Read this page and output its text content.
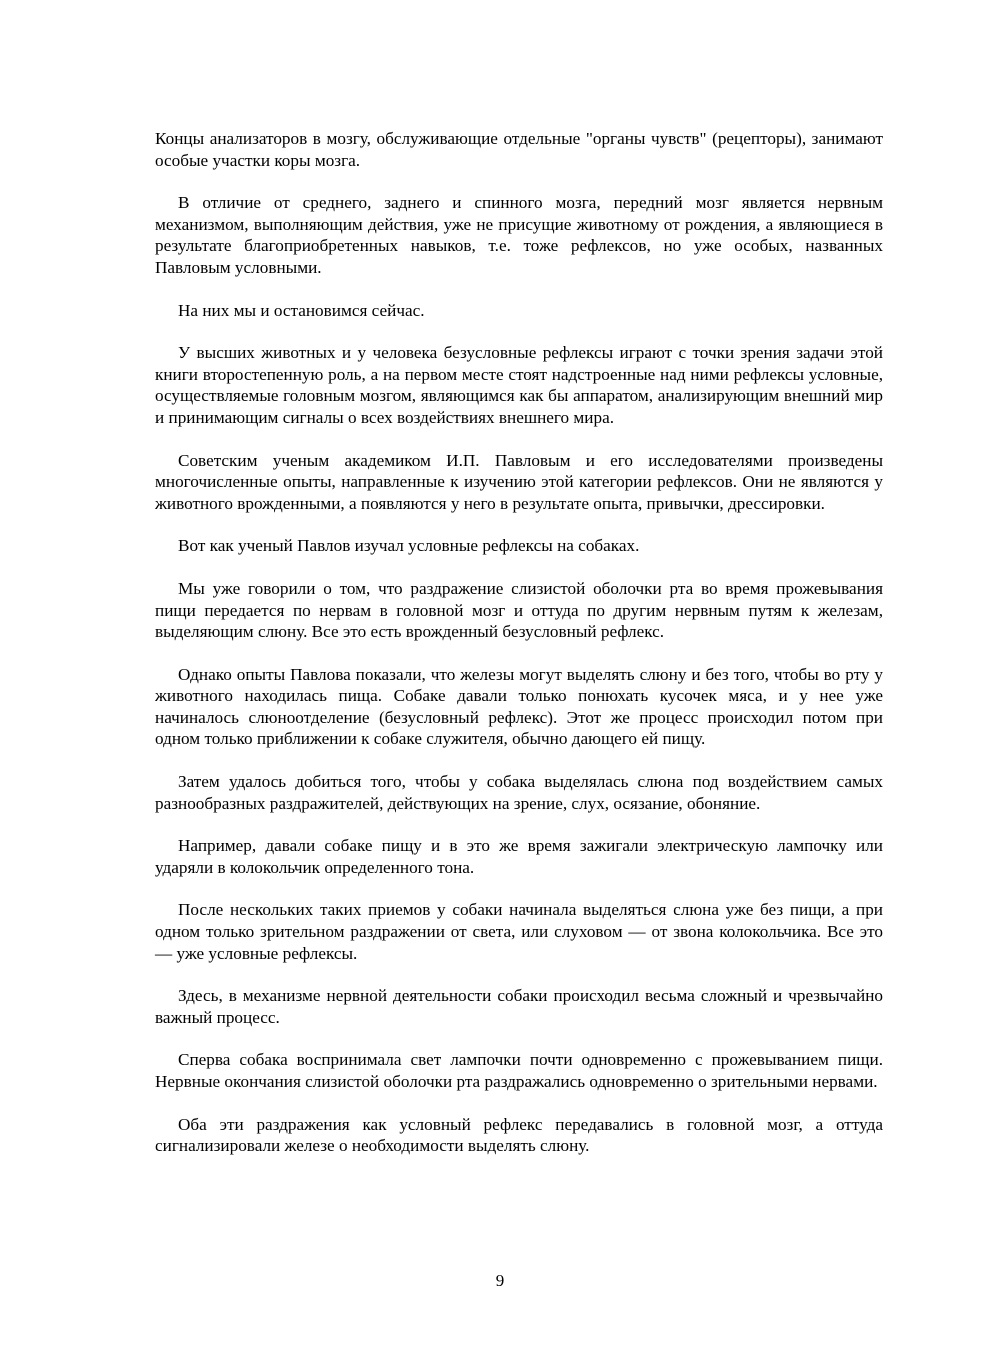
Концы анализаторов в мозгу, обслуживающие отдельные "органы чувств" (рецепторы), занимают особые участки коры мозга.

В отличие от среднего, заднего и спинного мозга, передний мозг является нервным механизмом, выполняющим действия, уже не присущие животному от рождения, а являющиеся в результате благоприобретенных навыков, т.е. тоже рефлексов, но уже особых, названных Павловым условными.

На них мы и остановимся сейчас.

У высших животных и у человека безусловные рефлексы играют с точки зрения задачи этой книги второстепенную роль, а на первом месте стоят надстроенные над ними рефлексы условные, осуществляемые головным мозгом, являющимся как бы аппаратом, анализирующим внешний мир и принимающим сигналы о всех воздействиях внешнего мира.

Советским ученым академиком И.П. Павловым и его исследователями произведены многочисленные опыты, направленные к изучению этой категории рефлексов. Они не являются у животного врожденными, а появляются у него в результате опыта, привычки, дрессировки.

Вот как ученый Павлов изучал условные рефлексы на собаках.

Мы уже говорили о том, что раздражение слизистой оболочки рта во время прожевывания пищи передается по нервам в головной мозг и оттуда по другим нервным путям к железам, выделяющим слюну. Все это есть врожденный безусловный рефлекс.

Однако опыты Павлова показали, что железы могут выделять слюну и без того, чтобы во рту у животного находилась пища. Собаке давали только понюхать кусочек мяса, и у нее уже начиналось слюноотделение (безусловный рефлекс). Этот же процесс происходил потом при одном только приближении к собаке служителя, обычно дающего ей пищу.

Затем удалось добиться того, чтобы у собака выделялась слюна под воздействием самых разнообразных раздражителей, действующих на зрение, слух, осязание, обоняние.

Например, давали собаке пищу и в это же время зажигали электрическую лампочку или ударяли в колокольчик определенного тона.

После нескольких таких приемов у собаки начинала выделяться слюна уже без пищи, а при одном только зрительном раздражении от света, или слуховом — от звона колокольчика. Все это — уже условные рефлексы.

Здесь, в механизме нервной деятельности собаки происходил весьма сложный и чрезвычайно важный процесс.

Сперва собака воспринимала свет лампочки почти одновременно с прожевыванием пищи. Нервные окончания слизистой оболочки рта раздражались одновременно о зрительными нервами.

Оба эти раздражения как условный рефлекс передавались в головной мозг, а оттуда сигнализировали железе о необходимости выделять слюну.

9
